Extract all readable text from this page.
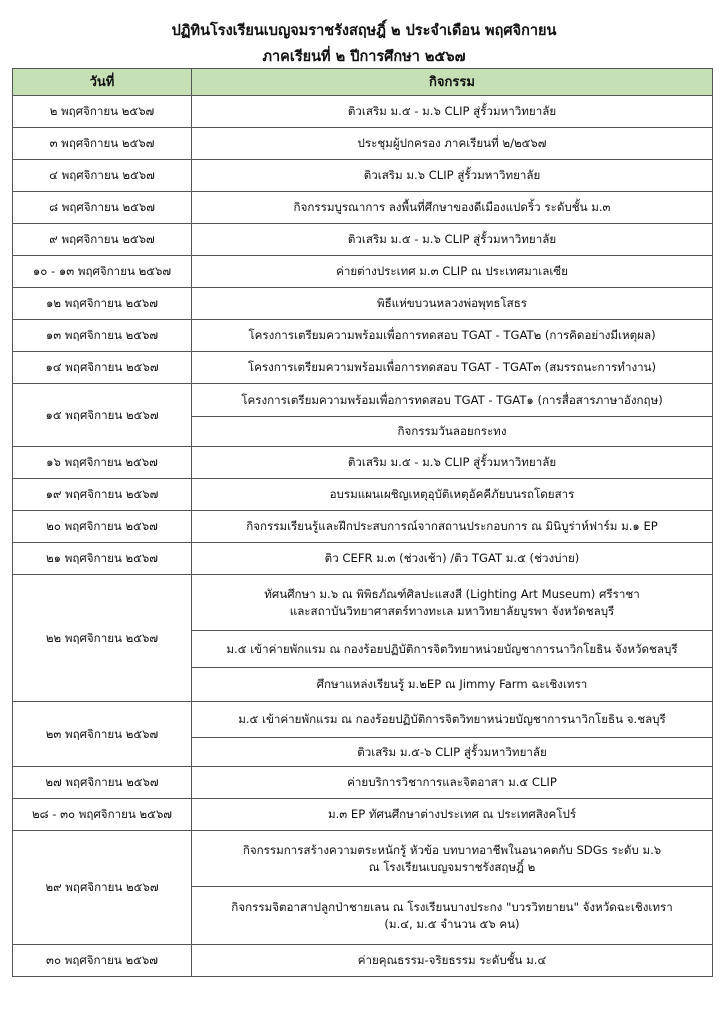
ปฏิทินโรงเรียนเบญจมราชรังสฤษฎิ์ ๒ ประจำเดือน พฤศจิกายน
ภาคเรียนที่ ๒ ปีการศึกษา ๒๕๖๗
วันที่	กิจกรรม
๒ พฤศจิกายน ๒๕๖๗	ติวเสริม ม.๕ - ม.๖ CLIP สู่รั้วมหาวิทยาลัย

๓ พฤศจิกายน ๒๕๖๗	ประชุมผู้ปกครอง ภาคเรียนที่ ๒/๒๕๖๗

๔ พฤศจิกายน ๒๕๖๗	ติวเสริม ม.๖ CLIP สู่รั้วมหาวิทยาลัย

๘ พฤศจิกายน ๒๕๖๗	กิจกรรมบูรณาการ ลงพื้นที่ศึกษาของดีเมืองแปดริ้ว ระดับชั้น ม.๓

๙ พฤศจิกายน ๒๕๖๗	ติวเสริม ม.๕ - ม.๖ CLIP สู่รั้วมหาวิทยาลัย

๑๐ - ๑๓ พฤศจิกายน ๒๕๖๗	ค่ายต่างประเทศ ม.๓ CLIP ณ ประเทศมาเลเซีย

๑๒ พฤศจิกายน ๒๕๖๗	พิธีแห่ขบวนหลวงพ่อพุทธโสธร

๑๓ พฤศจิกายน ๒๕๖๗	โครงการเตรียมความพร้อมเพื่อการทดสอบ TGAT - TGAT๒ (การคิดอย่างมีเหตุผล)

๑๔ พฤศจิกายน ๒๕๖๗	โครงการเตรียมความพร้อมเพื่อการทดสอบ TGAT - TGAT๓ (สมรรถนะการทำงาน)

๑๕ พฤศจิกายน ๒๕๖๗	โครงการเตรียมความพร้อมเพื่อการทดสอบ TGAT - TGAT๑ (การสื่อสารภาษาอังกฤษ)

	กิจกรรมวันลอยกระทง

๑๖ พฤศจิกายน ๒๕๖๗	ติวเสริม ม.๕ - ม.๖ CLIP สู่รั้วมหาวิทยาลัย

๑๙ พฤศจิกายน ๒๕๖๗	อบรมแผนเผชิญเหตุอุบัติเหตุอัคคีภัยบนรถโดยสาร

๒๐ พฤศจิกายน ๒๕๖๗	กิจกรรมเรียนรู้และฝึกประสบการณ์จากสถานประกอบการ ณ มินิบูร่าห์ฟาร์ม ม.๑ EP

๒๑ พฤศจิกายน ๒๕๖๗	ติว CEFR ม.๓ (ช่วงเช้า) /ติว TGAT ม.๕ (ช่วงบ่าย)

๒๒ พฤศจิกายน ๒๕๖๗	ทัศนศึกษา ม.๖ ณ พิพิธภัณฑ์ศิลปะแสงสี (Lighting Art Museum) ศรีราชา
และสถาบันวิทยาศาสตร์ทางทะเล มหาวิทยาลัยบูรพา จังหวัดชลบุรี

	ม.๕ เข้าค่ายพักแรม ณ กองร้อยปฏิบัติการจิตวิทยาหน่วยบัญชาการนาวิกโยธิน จังหวัดชลบุรี

	ศึกษาแหล่งเรียนรู้ ม.๒EP ณ Jimmy Farm ฉะเชิงเทรา

๒๓ พฤศจิกายน ๒๕๖๗	ม.๕ เข้าค่ายพักแรม ณ กองร้อยปฏิบัติการจิตวิทยาหน่วยบัญชาการนาวิกโยธิน จ.ชลบุรี

	ติวเสริม ม.๕-๖ CLIP สู่รั้วมหาวิทยาลัย

๒๗ พฤศจิกายน ๒๕๖๗	ค่ายบริการวิชาการและจิตอาสา ม.๕ CLIP

๒๘ - ๓๐ พฤศจิกายน ๒๕๖๗	ม.๓ EP ทัศนศึกษาต่างประเทศ ณ ประเทศสิงคโปร์

๒๙ พฤศจิกายน ๒๕๖๗	กิจกรรมการสร้างความตระหนักรู้ หัวข้อ บทบาทอาชีพในอนาคตกับ SDGs ระดับ ม.๖
ณ โรงเรียนเบญจมราชรังสฤษฎิ์ ๒

	กิจกรรมจิตอาสาปลูกป่าชายเลน ณ โรงเรียนบางประกง "บวรวิทยายน" จังหวัดฉะเชิงเทรา
(ม.๔, ม.๕ จำนวน ๕๖ คน)

๓๐ พฤศจิกายน ๒๕๖๗	ค่ายคุณธรรม-จริยธรรม ระดับชั้น ม.๔
